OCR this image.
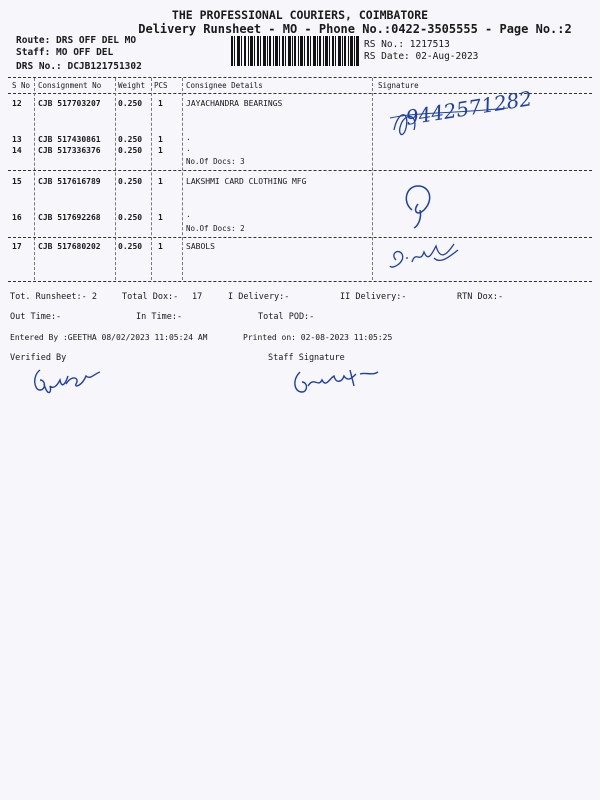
THE PROFESSIONAL COURIERS, COIMBATORE
Delivery Runsheet - MO - Phone No.:0422-3505555 - Page No.:2
Route: DRS OFF DEL MO
Staff: MO OFF DEL
DRS No.: DCJB121751302
RS No.: 1217513
RS Date: 02-Aug-2023
S No Consignment No Weight PCS Consignee Details	Signature
12 CJB 517703207 0.250 1	JAYACHANDRA BEARINGS
13 CJB 517430861 0.250 1	.
14 CJB 517336376 0.250 1	.
No.Of Docs: 3
15 CJB 517616789 0.250 1	LAKSHMI CARD CLOTHING MFG
16 CJB 517692268 0.250 1	.
No.Of Docs: 2
17 CJB 517680202 0.250 1	SABOLS
9442571282
Tot. Runsheet:- 2	Total Dox:- 17	I Delivery:-	II Delivery:-	RTN Dox:-
Out Time:-	In Time:-	Total POD:-
Entered By :GEETHA 08/02/2023 11:05:24 AM	Printed on: 02-08-2023 11:05:25
Verified By	Staff Signature
